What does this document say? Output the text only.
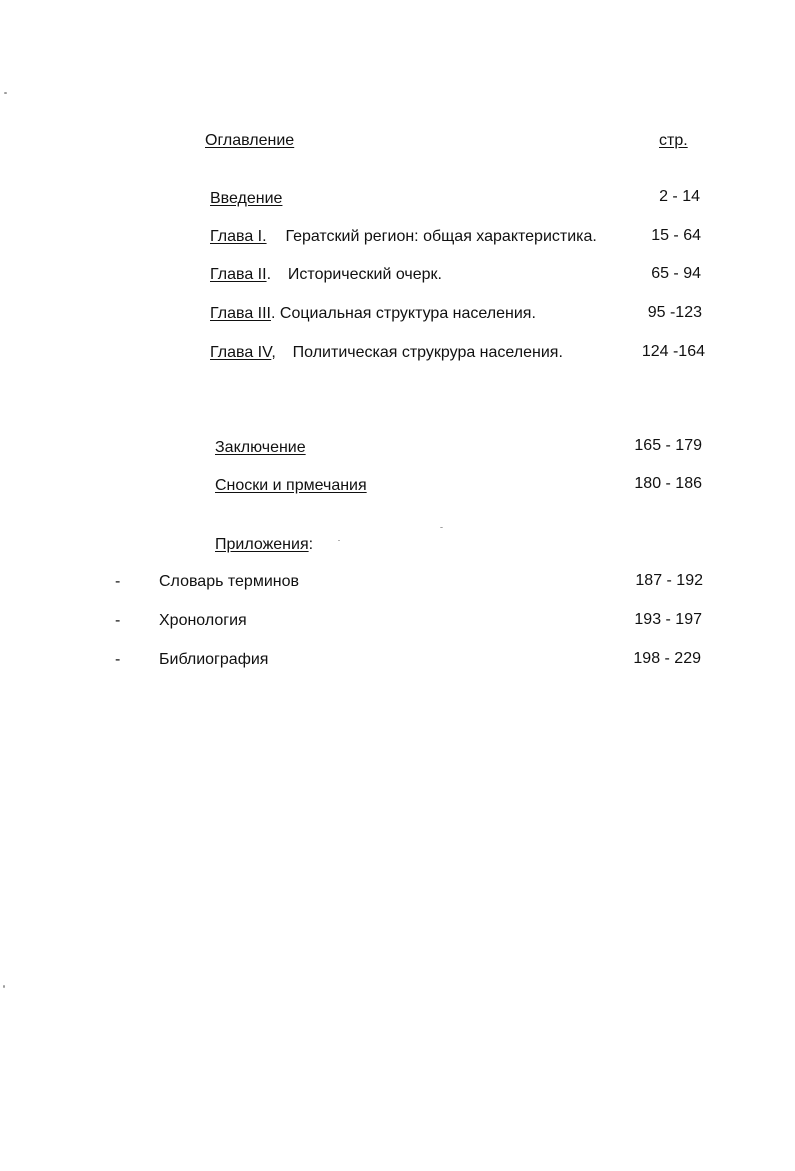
Оглавление	стр.
Введение	2 - 14
Глава I. Гератский регион: общая характеристика.	15 - 64
Глава II. Исторический очерк.	65 - 94
Глава III. Социальная структура населения.	95 -123
Глава IV, Политическая струкрура населения.	124 -164
Заключение	165 - 179
Сноски и прмечания	180 - 186
Приложения:
- Словарь терминов	187 - 192
- Хронология	193 - 197
- Библиография	198 - 229
